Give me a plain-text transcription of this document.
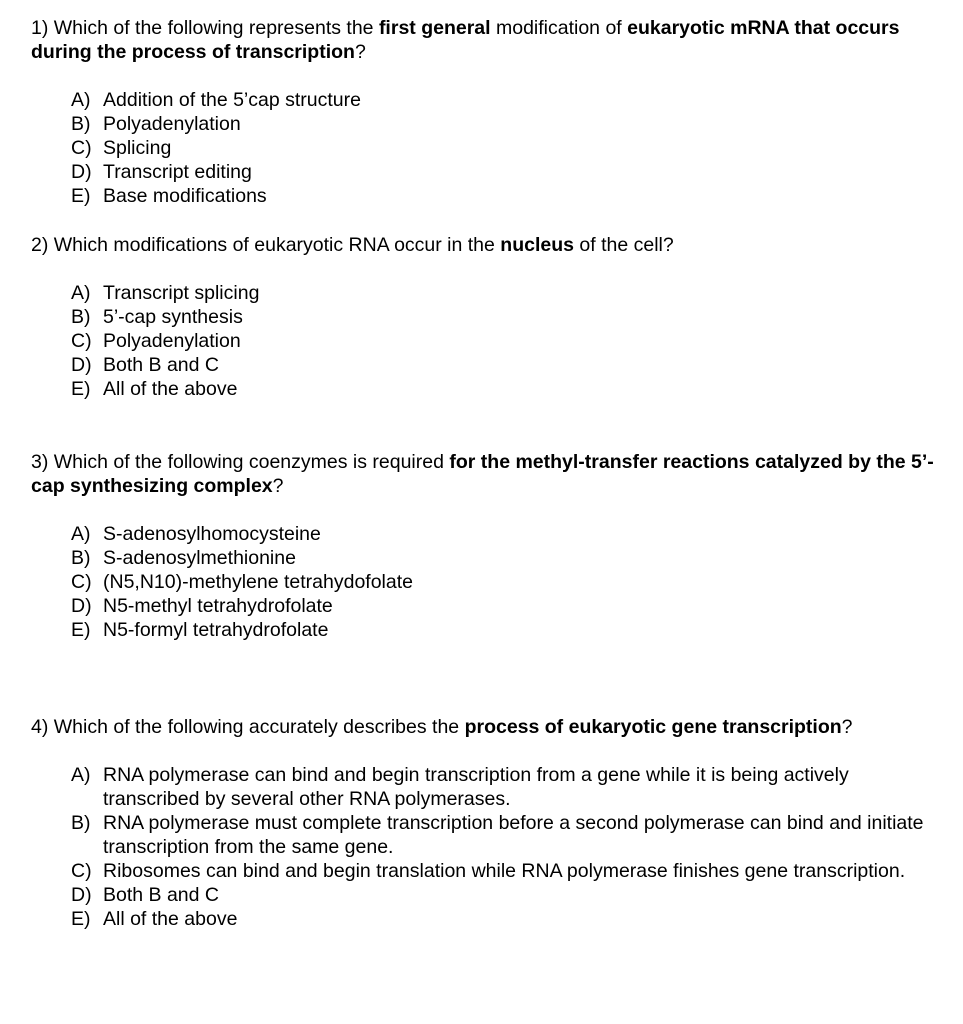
1) Which of the following represents the first general modification of eukaryotic mRNA that occurs during the process of transcription?

A) Addition of the 5’cap structure
B) Polyadenylation
C) Splicing
D) Transcript editing
E) Base modifications

2) Which modifications of eukaryotic RNA occur in the nucleus of the cell?

A) Transcript splicing
B) 5’-cap synthesis
C) Polyadenylation
D) Both B and C
E) All of the above

3) Which of the following coenzymes is required for the methyl-transfer reactions catalyzed by the 5’-cap synthesizing complex?

A) S-adenosylhomocysteine
B) S-adenosylmethionine
C) (N5,N10)-methylene tetrahydofolate
D) N5-methyl tetrahydrofolate
E) N5-formyl tetrahydrofolate

4) Which of the following accurately describes the process of eukaryotic gene transcription?

A) RNA polymerase can bind and begin transcription from a gene while it is being actively transcribed by several other RNA polymerases.
B) RNA polymerase must complete transcription before a second polymerase can bind and initiate transcription from the same gene.
C) Ribosomes can bind and begin translation while RNA polymerase finishes gene transcription.
D) Both B and C
E) All of the above
